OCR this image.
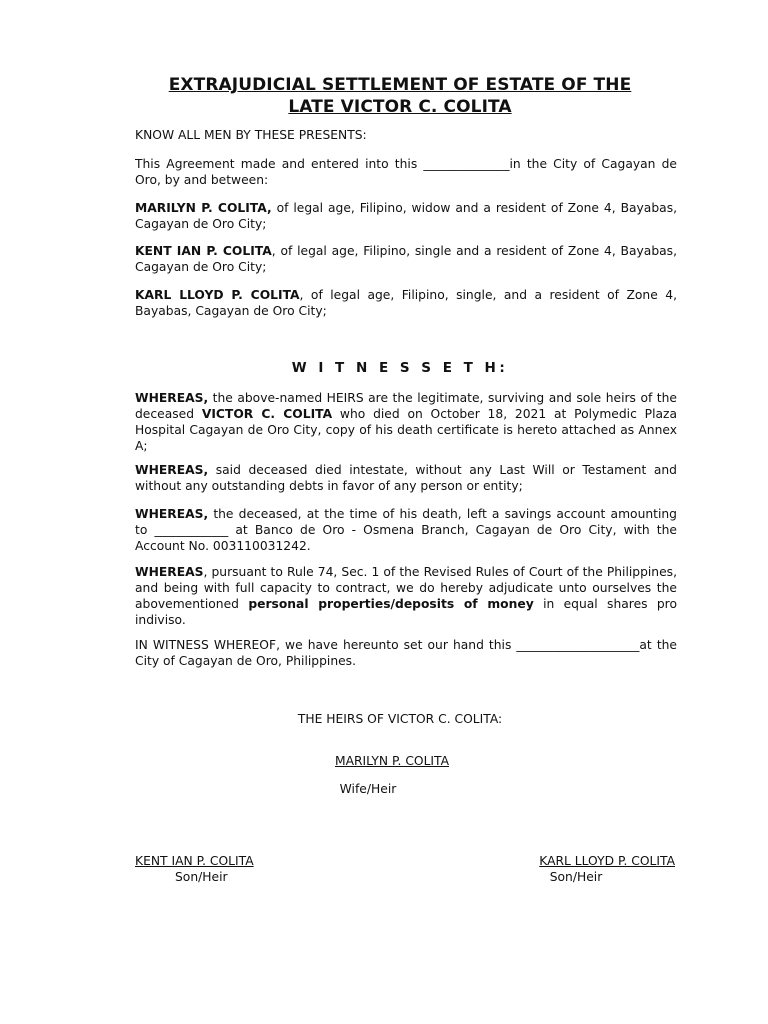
EXTRAJUDICIAL SETTLEMENT OF ESTATE OF THE
LATE VICTOR C. COLITA

KNOW ALL MEN BY THESE PRESENTS:

This Agreement made and entered into this ______________in the City of Cagayan de Oro, by and between:

MARILYN P. COLITA, of legal age, Filipino, widow and a resident of Zone 4, Bayabas, Cagayan de Oro City;

KENT IAN P. COLITA, of legal age, Filipino, single and a resident of Zone 4, Bayabas, Cagayan de Oro City;

KARL LLOYD P. COLITA, of legal age, Filipino, single, and a resident of Zone 4, Bayabas, Cagayan de Oro City;

W I T N E S S E T H:

WHEREAS, the above-named HEIRS are the legitimate, surviving and sole heirs of the deceased VICTOR C. COLITA who died on October 18, 2021 at Polymedic Plaza Hospital Cagayan de Oro City, copy of his death certificate is hereto attached as Annex A;

WHEREAS, said deceased died intestate, without any Last Will or Testament and without any outstanding debts in favor of any person or entity;

WHEREAS, the deceased, at the time of his death, left a savings account amounting to ____________ at Banco de Oro - Osmena Branch, Cagayan de Oro City, with the Account No. 003110031242.

WHEREAS, pursuant to Rule 74, Sec. 1 of the Revised Rules of Court of the Philippines, and being with full capacity to contract, we do hereby adjudicate unto ourselves the abovementioned personal properties/deposits of money in equal shares pro indiviso.

IN WITNESS WHEREOF, we have hereunto set our hand this ____________________at the City of Cagayan de Oro, Philippines.

THE HEIRS OF VICTOR C. COLITA:
MARILYN P. COLITA
Wife/Heir
KENT IAN P. COLITA
Son/Heir
KARL LLOYD P. COLITA
Son/Heir
